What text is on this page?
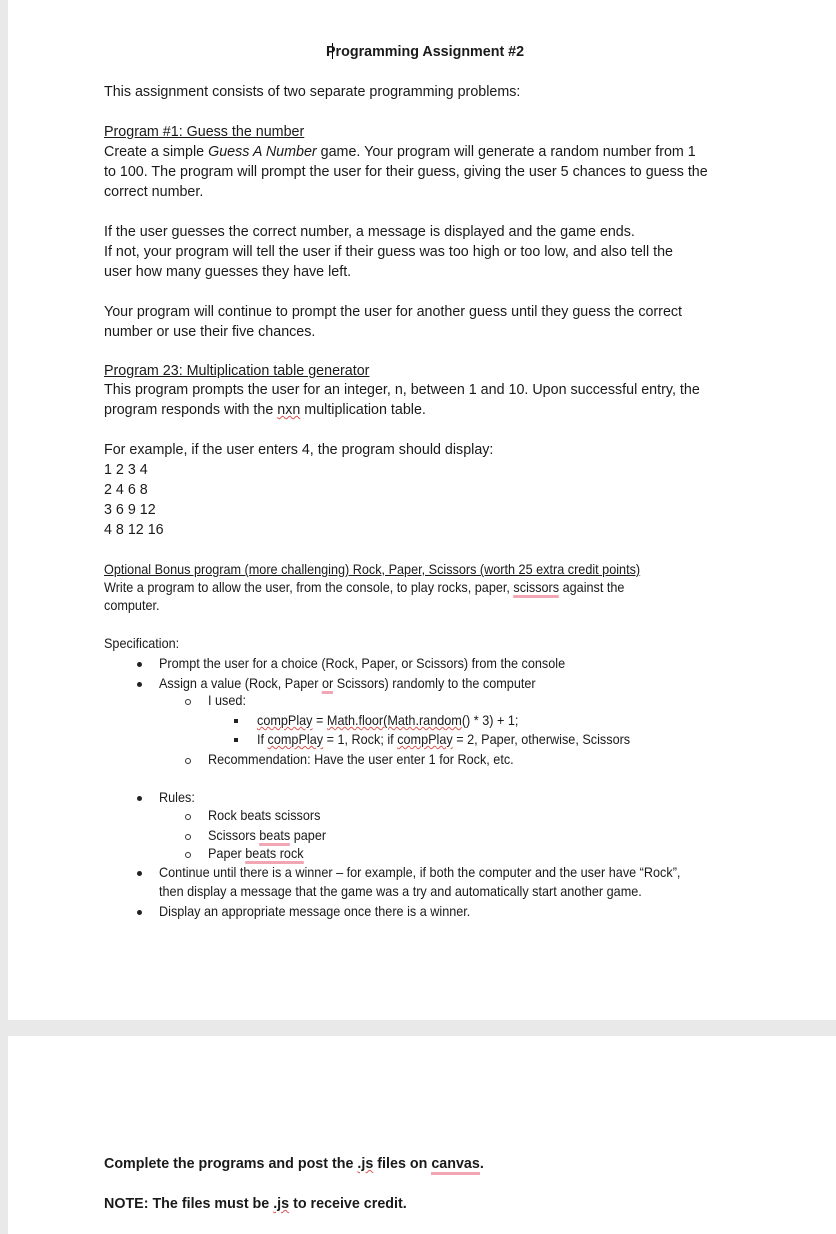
Programming Assignment #2
This assignment consists of two separate programming problems:
Program #1: Guess the number
Create a simple Guess A Number game. Your program will generate a random number from 1
to 100. The program will prompt the user for their guess, giving the user 5 chances to guess the
correct number.
If the user guesses the correct number, a message is displayed and the game ends.
If not, your program will tell the user if their guess was too high or too low, and also tell the
user how many guesses they have left.
Your program will continue to prompt the user for another guess until they guess the correct
number or use their five chances.
Program 23: Multiplication table generator
This program prompts the user for an integer, n, between 1 and 10. Upon successful entry, the
program responds with the nxn multiplication table.
For example, if the user enters 4, the program should display:
1 2 3 4
2 4 6 8
3 6 9 12
4 8 12 16
Optional Bonus program (more challenging) Rock, Paper, Scissors (worth 25 extra credit points)
Write a program to allow the user, from the console, to play rocks, paper, scissors against the
computer.
Specification:
Prompt the user for a choice (Rock, Paper, or Scissors) from the console
Assign a value (Rock, Paper or Scissors) randomly to the computer
I used:
compPlay = Math.floor(Math.random() * 3) + 1;
If compPlay = 1, Rock; if compPlay = 2, Paper, otherwise, Scissors
Recommendation: Have the user enter 1 for Rock, etc.
Rules:
Rock beats scissors
Scissors beats paper
Paper beats rock
Continue until there is a winner – for example, if both the computer and the user have “Rock”,
then display a message that the game was a try and automatically start another game.
Display an appropriate message once there is a winner.
Complete the programs and post the .js files on canvas.
NOTE: The files must be .js to receive credit.
